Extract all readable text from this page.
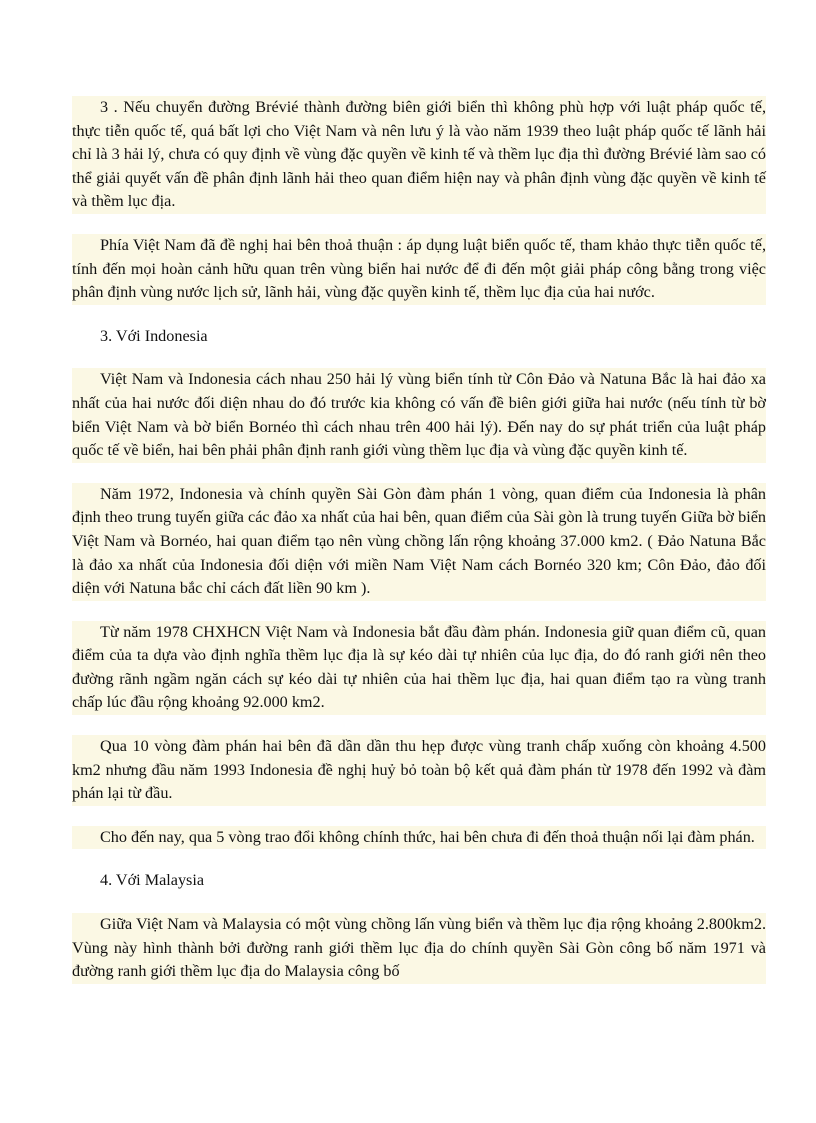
3 . Nếu chuyển đường Brévié thành đường biên giới biển thì không phù hợp với luật pháp quốc tế, thực tiễn quốc tế, quá bất lợi cho Việt Nam và nên lưu ý là vào năm 1939 theo luật pháp quốc tế lãnh hải chỉ là 3 hải lý, chưa có quy định về vùng đặc quyền về kinh tế và thềm lục địa thì đường Brévié làm sao có thể giải quyết vấn đề phân định lãnh hải theo quan điểm hiện nay và phân định vùng đặc quyền về kinh tế và thềm lục địa.

Phía Việt Nam đã đề nghị hai bên thoả thuận : áp dụng luật biển quốc tế, tham khảo thực tiễn quốc tế, tính đến mọi hoàn cảnh hữu quan trên vùng biển hai nước để đi đến một giải pháp công bằng trong việc phân định vùng nước lịch sử, lãnh hải, vùng đặc quyền kinh tế, thềm lục địa của hai nước.

3. Với Indonesia

Việt Nam và Indonesia cách nhau 250 hải lý vùng biển tính từ Côn Đảo và Natuna Bắc là hai đảo xa nhất của hai nước đối diện nhau do đó trước kia không có vấn đề biên giới giữa hai nước (nếu tính từ bờ biển Việt Nam và bờ biển Bornéo thì cách nhau trên 400 hải lý). Đến nay do sự phát triển của luật pháp quốc tế về biển, hai bên phải phân định ranh giới vùng thềm lục địa và vùng đặc quyền kinh tế.

Năm 1972, Indonesia và chính quyền Sài Gòn đàm phán 1 vòng, quan điểm của Indonesia là phân định theo trung tuyến giữa các đảo xa nhất của hai bên, quan điểm của Sài gòn là trung tuyến Giữa bờ biển Việt Nam và Bornéo, hai quan điểm tạo nên vùng chồng lấn rộng khoảng 37.000 km2. ( Đảo Natuna Bắc là đảo xa nhất của Indonesia đối diện với miền Nam Việt Nam cách Bornéo 320 km; Côn Đảo, đảo đối diện với Natuna bắc chỉ cách đất liền 90 km ).

Từ năm 1978 CHXHCN Việt Nam và Indonesia bắt đầu đàm phán. Indonesia giữ quan điểm cũ, quan điểm của ta dựa vào định nghĩa thềm lục địa là sự kéo dài tự nhiên của lục địa, do đó ranh giới nên theo đường rãnh ngầm ngăn cách sự kéo dài tự nhiên của hai thềm lục địa, hai quan điểm tạo ra vùng tranh chấp lúc đầu rộng khoảng 92.000 km2.

Qua 10 vòng đàm phán hai bên đã dần dần thu hẹp được vùng tranh chấp xuống còn khoảng 4.500 km2 nhưng đầu năm 1993 Indonesia đề nghị huỷ bỏ toàn bộ kết quả đàm phán từ 1978 đến 1992 và đàm phán lại từ đầu.

Cho đến nay, qua 5 vòng trao đổi không chính thức, hai bên chưa đi đến thoả thuận nối lại đàm phán.

4. Với Malaysia

Giữa Việt Nam và Malaysia có một vùng chồng lấn vùng biển và thềm lục địa rộng khoảng 2.800km2. Vùng này hình thành bởi đường ranh giới thềm lục địa do chính quyền Sài Gòn công bố năm 1971 và đường ranh giới thềm lục địa do Malaysia công bố
